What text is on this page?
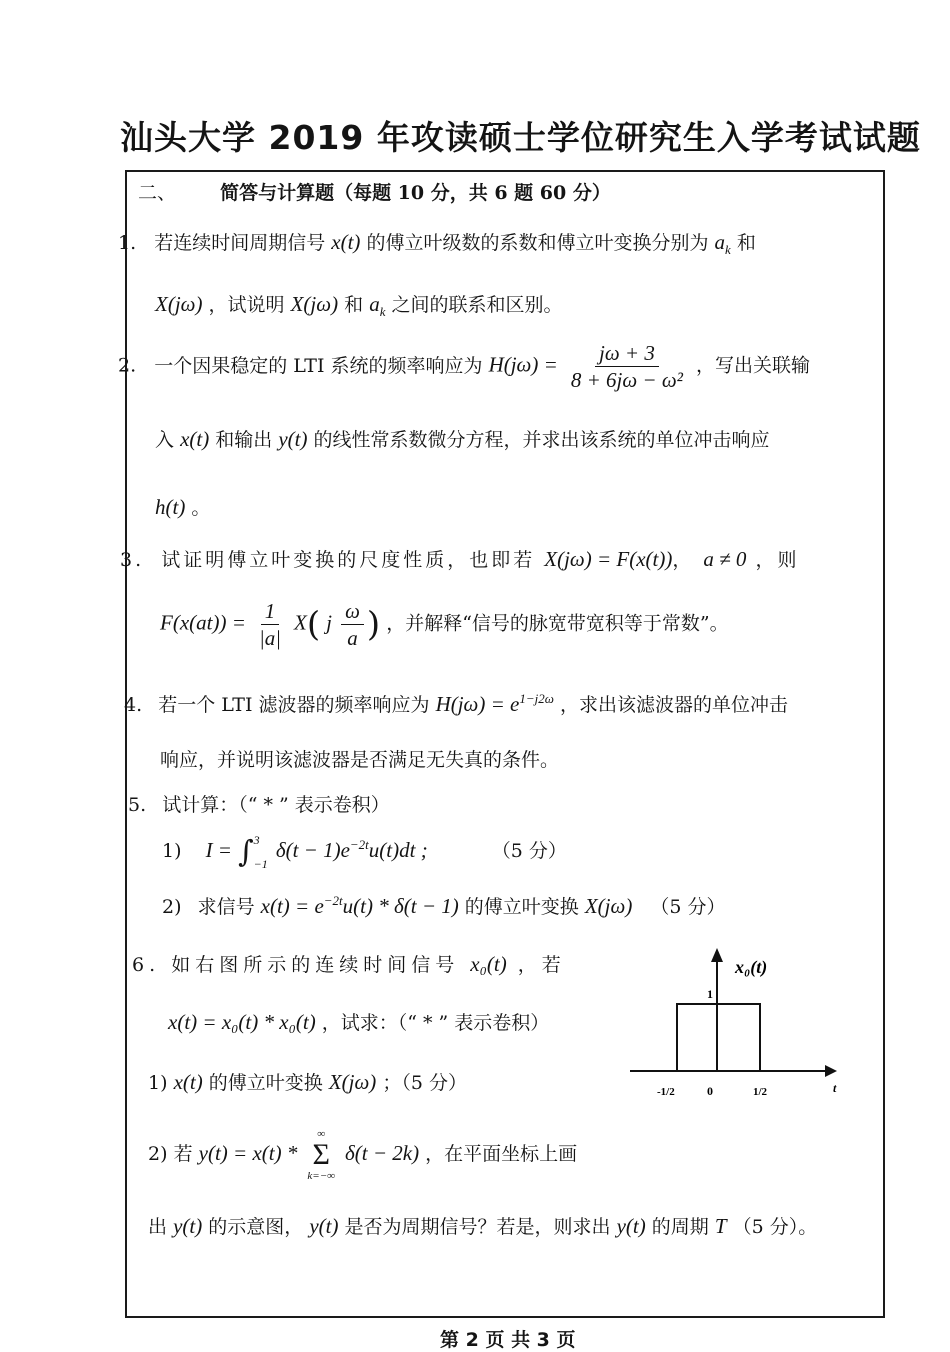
汕头大学 2019 年攻读硕士学位研究生入学考试试题
二、 简答与计算题（每题 10 分，共 6 题 60 分）
1. 若连续时间周期信号 x(t) 的傅立叶级数的系数和傅立叶变换分别为 $a_k$ 和
X(jω) ，试说明 X(jω) 和 $a_k$ 之间的联系和区别。
2. 一个因果稳定的 LTI 系统的频率响应为 $H(j\omega) = \frac{j\omega + 3}{\text{8 + 6jω − ω²}}$ ，写出关联输
入 x(t) 和输出 y(t) 的线性常系数微分方程，并求出该系统的单位冲击响应
h(t) 。
3. 试证明傅立叶变换的尺度性质，也即若 X(jω) = F(x(t))， a ≠ 0 ，则
$F(x(at)) = \frac{1}{|a|} X$( j $\frac{\omega}{a}$ ) ，并解释“信号的脉宽带宽积等于常数”。
4. 若一个 LTI 滤波器的频率响应为 $H(j\omega) = e^{1-j2\omega}$ ，求出该滤波器的单位冲击
响应，并说明该滤波器是否满足无失真的条件。
5. 试计算：（“ * ” 表示卷积）
1) I = ∫ 3
−1
$\delta(t - 1)e^{-2t}u(t)dt$ ;	（5 分）
2) 求信号 $x(t) = e^{-2t}u(t) * \delta(t - 1)$ 的傅立叶变换 X(jω) （5 分）
6. 如右图所示的连续时间信号 x₀(t) ，若
x(t) = x₀(t) * x₀(t) ，试求：（“ * ” 表示卷积）
1) x(t) 的傅立叶变换 X(jω) ；（5 分）
2) 若 y(t) = x(t) *
∞
Σ
k=−∞
δ(t − 2k) ，在平面坐标上画
出 y(t) 的示意图， y(t) 是否为周期信号？若是，则求出 y(t) 的周期 T （5 分）。
x₀(t)
1
-1/2	0	1/2	t
第 2 页 共 3 页
